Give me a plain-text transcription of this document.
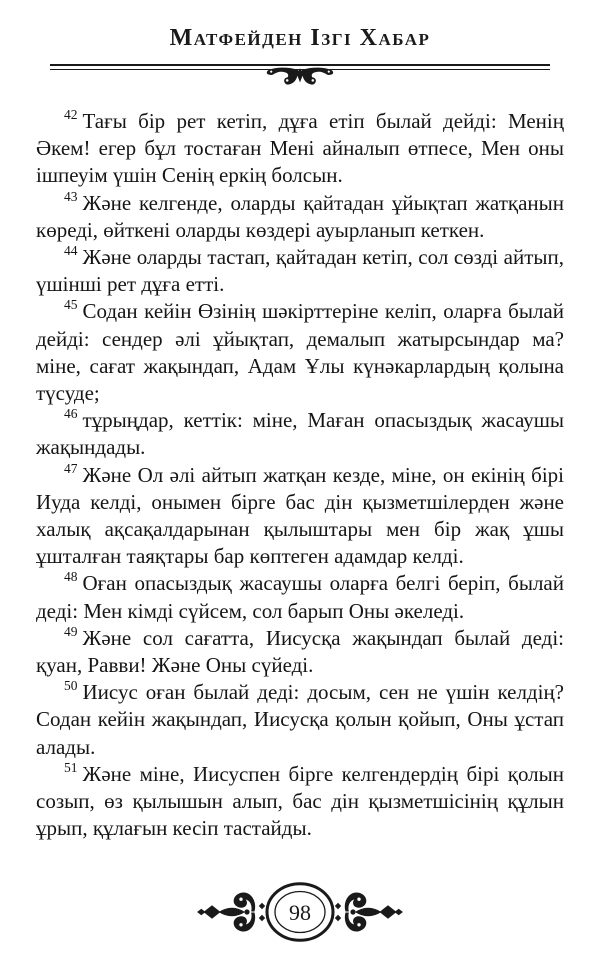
Матфейден Ізгі Хабар

$^{42}$ Тағы бір рет кетіп, дұға етіп былай дейді: Менің Әкем! егер бұл тостаған Мені айналып өтпесе, Мен оны ішпеуім үшін Сенің еркің болсын.

$^{43}$ Және келгенде, оларды қайтадан ұйықтап жатқанын көреді, өйткені оларды көздері ауырланып кеткен.

$^{44}$ Және оларды тастап, қайтадан кетіп, сол сөзді айтып, үшінші рет дұға етті.

$^{45}$ Содан кейін Өзінің шәкірттеріне келіп, оларға былай дейді: сендер әлі ұйықтап, демалып жатырсындар ма? міне, сағат жақындап, Адам Ұлы күнәкарлардың қолына түсуде;

$^{46}$ тұрыңдар, кеттік: міне, Маған опасыздық жасаушы жақындады.

$^{47}$ Және Ол әлі айтып жатқан кезде, міне, он екінің бірі Иуда келді, онымен бірге бас дін қызметшілерден және халық ақсақалдарынан қылыштары мен бір жақ ұшы ұшталған таяқтары бар көптеген адамдар келді.

$^{48}$ Оған опасыздық жасаушы оларға белгі беріп, былай деді: Мен кімді сүйсем, сол барып Оны әкеледі.

$^{49}$ Және сол сағатта, Иисусқа жақындап былай деді: қуан, Равви! Және Оны сүйеді.

$^{50}$ Иисус оған былай деді: досым, сен не үшін келдің? Содан кейін жақындап, Иисусқа қолын қойып, Оны ұстап алады.

$^{51}$ Және міне, Иисуспен бірге келгендердің бірі қолын созып, өз қылышын алып, бас дін қызметшісінің құлын ұрып, құлағын кесіп тастайды.

98
